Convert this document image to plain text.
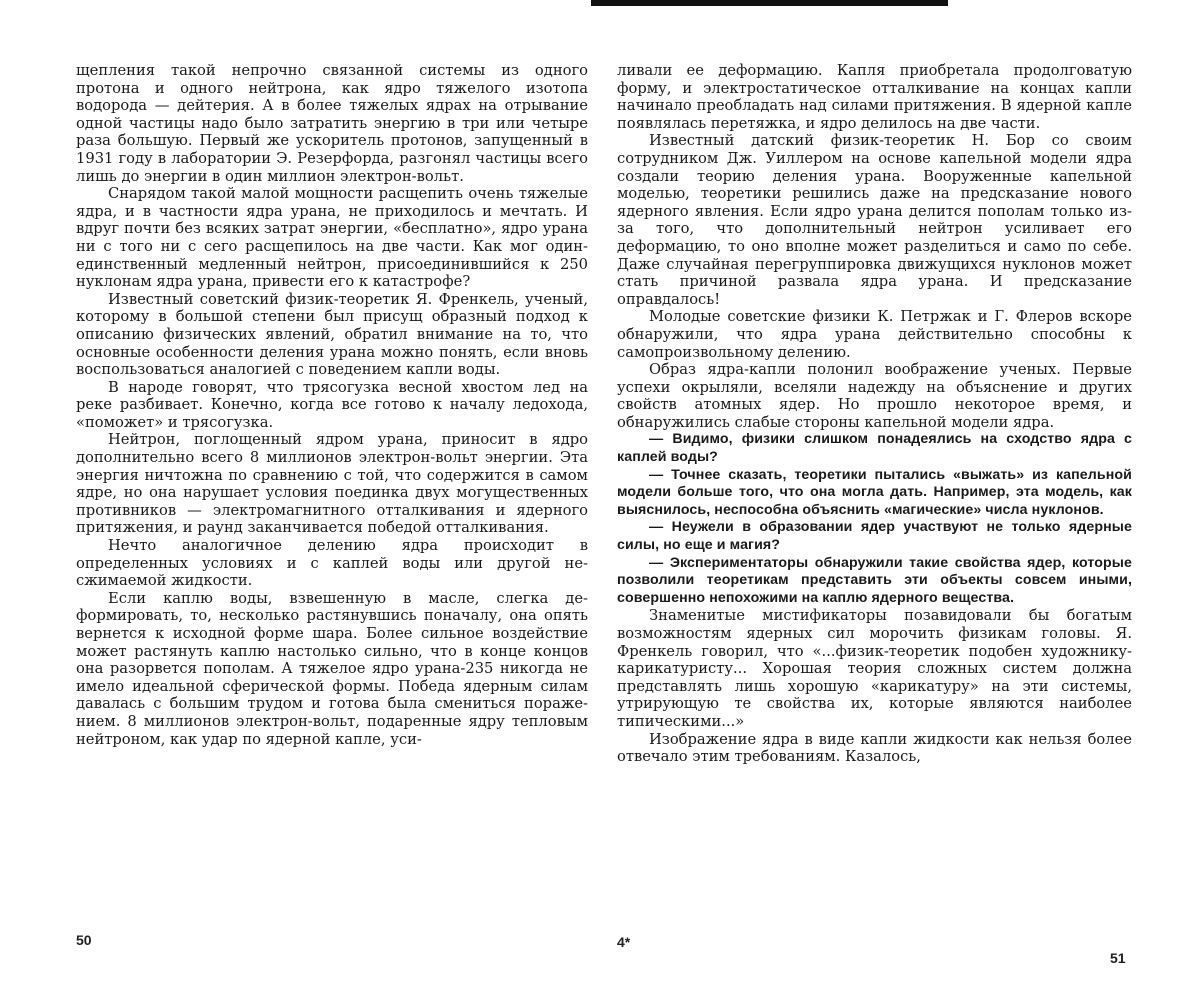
щепления такой непрочно связанной системы из одного протона и одного нейтрона, как ядро тяжелого изотопа водорода — дейтерия. А в более тяжелых ядрах на от­рывание одной частицы надо было затратить энергию в три или четыре раза большую. Первый же ускори­тель протонов, запущенный в 1931 году в лаборатории Э. Резерфорда, разгонял частицы всего лишь до энергии в один миллион электрон-вольт.

Снарядом такой малой мощности расщепить очень тяжелые ядра, и в частности ядра урана, не приходи­лось и мечтать. И вдруг почти без всяких затрат энер­гии, «бесплатно», ядро урана ни с того ни с сего рас­щепилось на две части. Как мог один-единственный медленный нейтрон, присоединившийся к 250 нуклонам ядра урана, привести его к катастрофе?

Известный советский физик-теоретик Я. Френкель, ученый, которому в большой степени был присущ об­разный подход к описанию физических явлений, обра­тил внимание на то, что основные особенности деления урана можно понять, если вновь воспользоваться ана­логией с поведением капли воды.

В народе говорят, что трясогузка весной хвостом лед на реке разбивает. Конечно, когда все готово к на­чалу ледохода, «поможет» и трясогузка.

Нейтрон, поглощенный ядром урана, приносит в яд­ро дополнительно всего 8 миллионов электрон-вольт энергии. Эта энергия ничтожна по сравнению с той, что содержится в самом ядре, но она нарушает условия по­единка двух могущественных противников — электро­магнитного отталкивания и ядерного притяжения, и раунд заканчивается победой отталкивания.

Нечто аналогичное делению ядра происходит в определенных условиях и с каплей воды или другой не­сжимаемой жидкости.

Если каплю воды, взвешенную в масле, слегка де­формировать, то, несколько растянувшись поначалу, она опять вернется к исходной форме шара. Более сильное воздействие может растянуть каплю настолько сильно, что в конце концов она разорвется пополам. А тяжелое ядро урана-235 никогда не имело идеальной сферической формы. Победа ядерным силам давалась с большим трудом и готова была смениться пораже­нием. 8 миллионов электрон-вольт, подаренные ядру тепловым нейтроном, как удар по ядерной капле, уси-

ливали ее деформацию. Капля приобретала продолго­ватую форму, и электростатическое отталкивание на концах капли начинало преобладать над силами при­тяжения. В ядерной капле появлялась перетяжка, и ядро делилось на две части.

Известный датский физик-теоретик Н. Бор со своим сотрудником Дж. Уиллером на основе капельной моде­ли ядра создали теорию деления урана. Вооруженные капельной моделью, теоретики решились даже на пред­сказание нового ядерного явления. Если ядро урана де­лится пополам только из-за того, что дополнительный нейтрон усиливает его деформацию, то оно вполне мо­жет разделиться и само по себе. Даже случайная пере­группировка движущихся нуклонов может стать причи­ной развала ядра урана. И предсказание оправдалось!

Молодые советские физики К. Петржак и Г. Фле­ров вскоре обнаружили, что ядра урана действительно способны к самопроизвольному делению.

Образ ядра-капли полонил воображение ученых. Первые успехи окрыляли, вселяли надежду на объяс­нение и других свойств атомных ядер. Но прошло неко­торое время, и обнаружились слабые стороны капель­ной модели ядра.

— Видимо, физики слишком понадеялись на сход­ство ядра с каплей воды?

— Точнее сказать, теоретики пытались «выжать» из капельной модели больше того, что она могла дать. Например, эта модель, как выяснилось, неспособна объяснить «магические» числа нуклонов.

— Неужели в образовании ядер участвуют не толь­ко ядерные силы, но еще и магия?

— Экспериментаторы обнаружили такие свойства ядер, которые позволили теоретикам представить эти объекты совсем иными, совершенно непохожими на каплю ядерного вещества.

Знаменитые мистификаторы позавидовали бы бога­тым возможностям ядерных сил морочить физикам го­ловы. Я. Френкель говорил, что «...физик-теоретик по­добен художнику-карикатуристу... Хорошая теория сложных систем должна представлять лишь хорошую «карикатуру» на эти системы, утрирующую те свойства их, которые являются наиболее типическими...»

Изображение ядра в виде капли жидкости как нельзя более отвечало этим требованиям. Казалось,

50	4*
51
